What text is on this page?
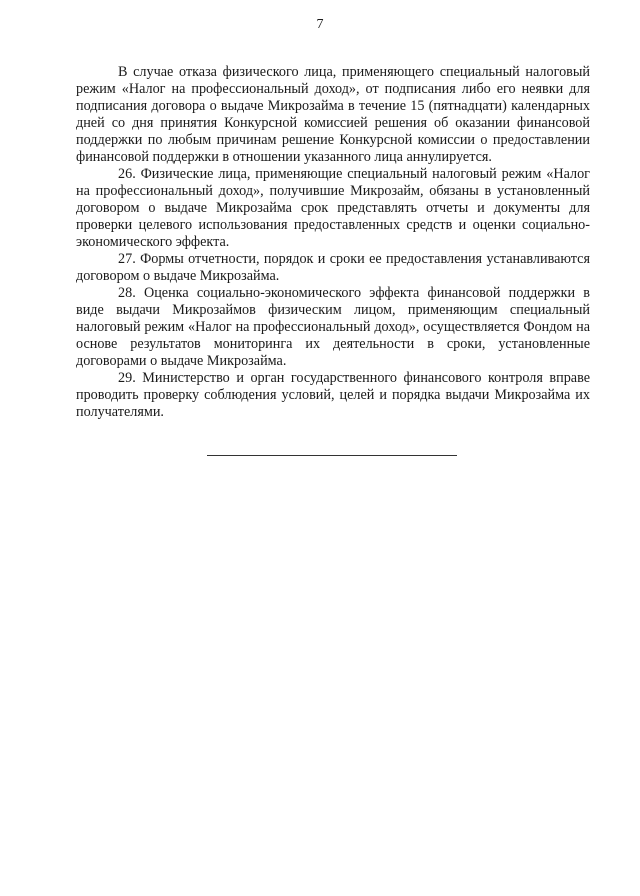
7

В случае отказа физического лица, применяющего специальный налоговый режим «Налог на профессиональный доход», от подписания либо его неявки для подписания договора о выдаче Микрозайма в течение 15 (пятнадцати) календарных дней со дня принятия Конкурсной комиссией решения об оказании финансовой поддержки по любым причинам решение Конкурсной комиссии о предоставлении финансовой поддержки в отношении указанного лица аннулируется.

26. Физические лица, применяющие специальный налоговый режим «Налог на профессиональный доход», получившие Микрозайм, обязаны в установленный договором о выдаче Микрозайма срок представлять отчеты и документы для проверки целевого использования предоставленных средств и оценки социально-экономического эффекта.

27. Формы отчетности, порядок и сроки ее предоставления устанавливаются договором о выдаче Микрозайма.

28. Оценка социально-экономического эффекта финансовой поддержки в виде выдачи Микрозаймов физическим лицом, применяющим специальный налоговый режим «Налог на профессиональный доход», осуществляется Фондом на основе результатов мониторинга их деятельности в сроки, установленные договорами о выдаче Микрозайма.

29. Министерство и орган государственного финансового контроля вправе проводить проверку соблюдения условий, целей и порядка выдачи Микрозайма их получателями.
